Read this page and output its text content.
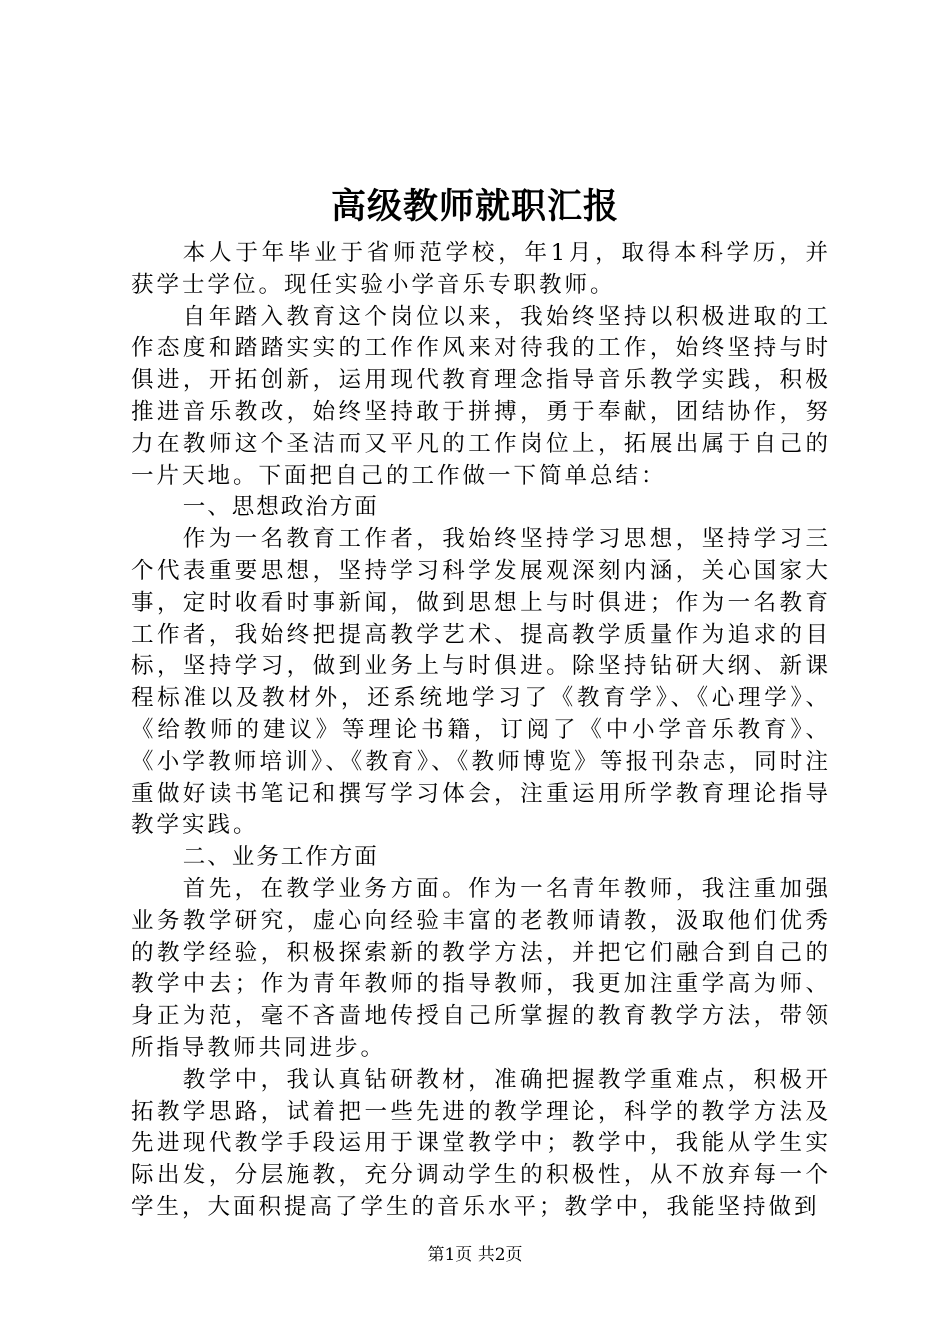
高级教师就职汇报

本人于年毕业于省师范学校，年1月，取得本科学历，并获学士学位。现任实验小学音乐专职教师。

自年踏入教育这个岗位以来，我始终坚持以积极进取的工作态度和踏踏实实的工作作风来对待我的工作，始终坚持与时俱进，开拓创新，运用现代教育理念指导音乐教学实践，积极推进音乐教改，始终坚持敢于拼搏，勇于奉献，团结协作，努力在教师这个圣洁而又平凡的工作岗位上，拓展出属于自己的一片天地。下面把自己的工作做一下简单总结：

一、思想政治方面

作为一名教育工作者，我始终坚持学习思想，坚持学习三个代表重要思想，坚持学习科学发展观深刻内涵，关心国家大事，定时收看时事新闻，做到思想上与时俱进；作为一名教育工作者，我始终把提高教学艺术、提高教学质量作为追求的目标，坚持学习，做到业务上与时俱进。除坚持钻研大纲、新课程标准以及教材外，还系统地学习了《教育学》、《心理学》、《给教师的建议》等理论书籍，订阅了《中小学音乐教育》、《小学教师培训》、《教育》、《教师博览》等报刊杂志，同时注重做好读书笔记和撰写学习体会，注重运用所学教育理论指导教学实践。

二、业务工作方面

首先，在教学业务方面。作为一名青年教师，我注重加强业务教学研究，虚心向经验丰富的老教师请教，汲取他们优秀的教学经验，积极探索新的教学方法，并把它们融合到自己的教学中去；作为青年教师的指导教师，我更加注重学高为师、身正为范，毫不吝啬地传授自己所掌握的教育教学方法，带领所指导教师共同进步。

教学中，我认真钻研教材，准确把握教学重难点，积极开拓教学思路，试着把一些先进的教学理论，科学的教学方法及先进现代教学手段运用于课堂教学中；教学中，我能从学生实际出发，分层施教，充分调动学生的积极性，从不放弃每一个学生，大面积提高了学生的音乐水平；教学中，我能坚持做到

第1页 共2页
